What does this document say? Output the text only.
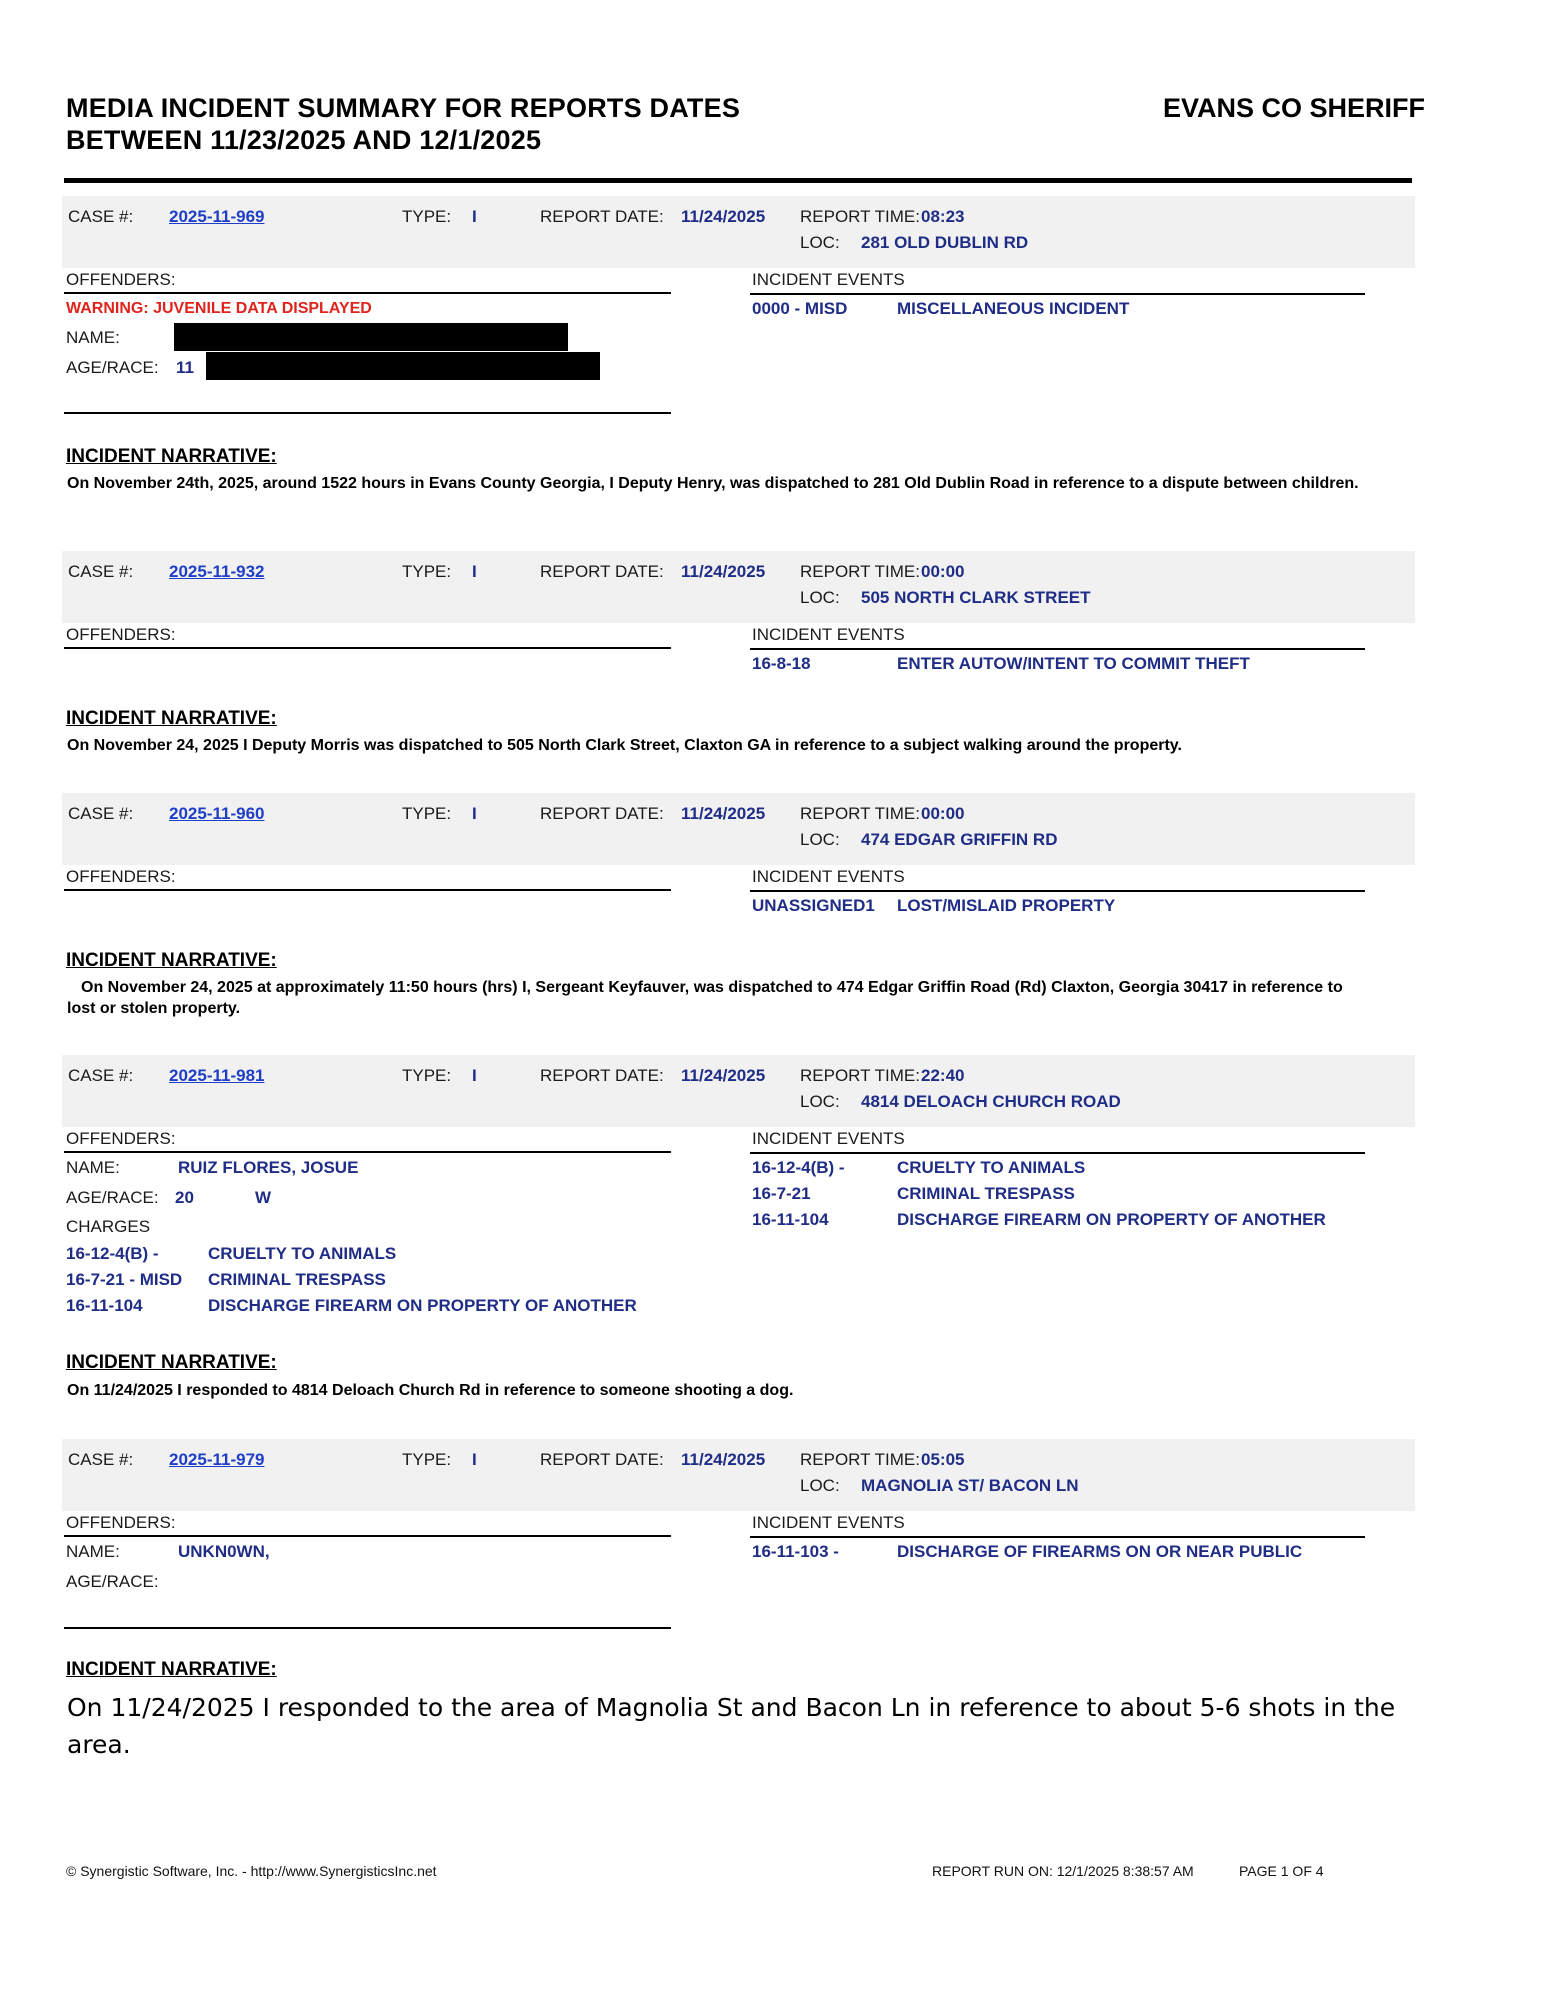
MEDIA INCIDENT SUMMARY FOR REPORTS DATES
BETWEEN 11/23/2025 AND 12/1/2025
EVANS CO SHERIFF
CASE #: 2025-11-969	TYPE: I	REPORT DATE: 11/24/2025 REPORT TIME: 08:23
LOC: 281 OLD DUBLIN RD
OFFENDERS:
WARNING: JUVENILE DATA DISPLAYED
NAME:
AGE/RACE: 11
INCIDENT EVENTS
0000 - MISD	MISCELLANEOUS INCIDENT
INCIDENT NARRATIVE:
On November 24th, 2025, around 1522 hours in Evans County Georgia, I Deputy Henry, was dispatched to 281 Old Dublin Road in reference to a dispute between children.
CASE #: 2025-11-932	TYPE: I	REPORT DATE: 11/24/2025 REPORT TIME: 00:00
LOC: 505 NORTH CLARK STREET
OFFENDERS:	INCIDENT EVENTS
16-8-18	ENTER AUTOW/INTENT TO COMMIT THEFT
INCIDENT NARRATIVE:
On November 24, 2025 I Deputy Morris was dispatched to 505 North Clark Street, Claxton GA in reference to a subject walking around the property.
CASE #: 2025-11-960	TYPE: I	REPORT DATE: 11/24/2025 REPORT TIME: 00:00
LOC: 474 EDGAR GRIFFIN RD
OFFENDERS:	INCIDENT EVENTS
UNASSIGNED1 LOST/MISLAID PROPERTY
INCIDENT NARRATIVE:
On November 24, 2025 at approximately 11:50 hours (hrs) I, Sergeant Keyfauver, was dispatched to 474 Edgar Griffin Road (Rd) Claxton, Georgia 30417 in reference to lost or stolen property.
CASE #: 2025-11-981	TYPE: I	REPORT DATE: 11/24/2025 REPORT TIME: 22:40
LOC: 4814 DELOACH CHURCH ROAD
OFFENDERS:
NAME:	RUIZ FLORES, JOSUE
AGE/RACE: 20	W
CHARGES
16-12-4(B) -	CRUELTY TO ANIMALS
16-7-21 - MISD CRIMINAL TRESPASS
16-11-104	DISCHARGE FIREARM ON PROPERTY OF ANOTHER
INCIDENT EVENTS
16-12-4(B) -	CRUELTY TO ANIMALS
16-7-21	CRIMINAL TRESPASS
16-11-104	DISCHARGE FIREARM ON PROPERTY OF ANOTHER
INCIDENT NARRATIVE:
On 11/24/2025 I responded to 4814 Deloach Church Rd in reference to someone shooting a dog.
CASE #: 2025-11-979	TYPE: I	REPORT DATE: 11/24/2025 REPORT TIME: 05:05
LOC: MAGNOLIA ST/ BACON LN
OFFENDERS:
NAME:	UNKN0WN,
AGE/RACE:
INCIDENT EVENTS
16-11-103 -	DISCHARGE OF FIREARMS ON OR NEAR PUBLIC
INCIDENT NARRATIVE:
On 11/24/2025 I responded to the area of Magnolia St and Bacon Ln in reference to about 5-6 shots in the area.
© Synergistic Software, Inc. - http://www.SynergisticsInc.net	REPORT RUN ON: 12/1/2025 8:38:57 AM	PAGE 1 OF 4
